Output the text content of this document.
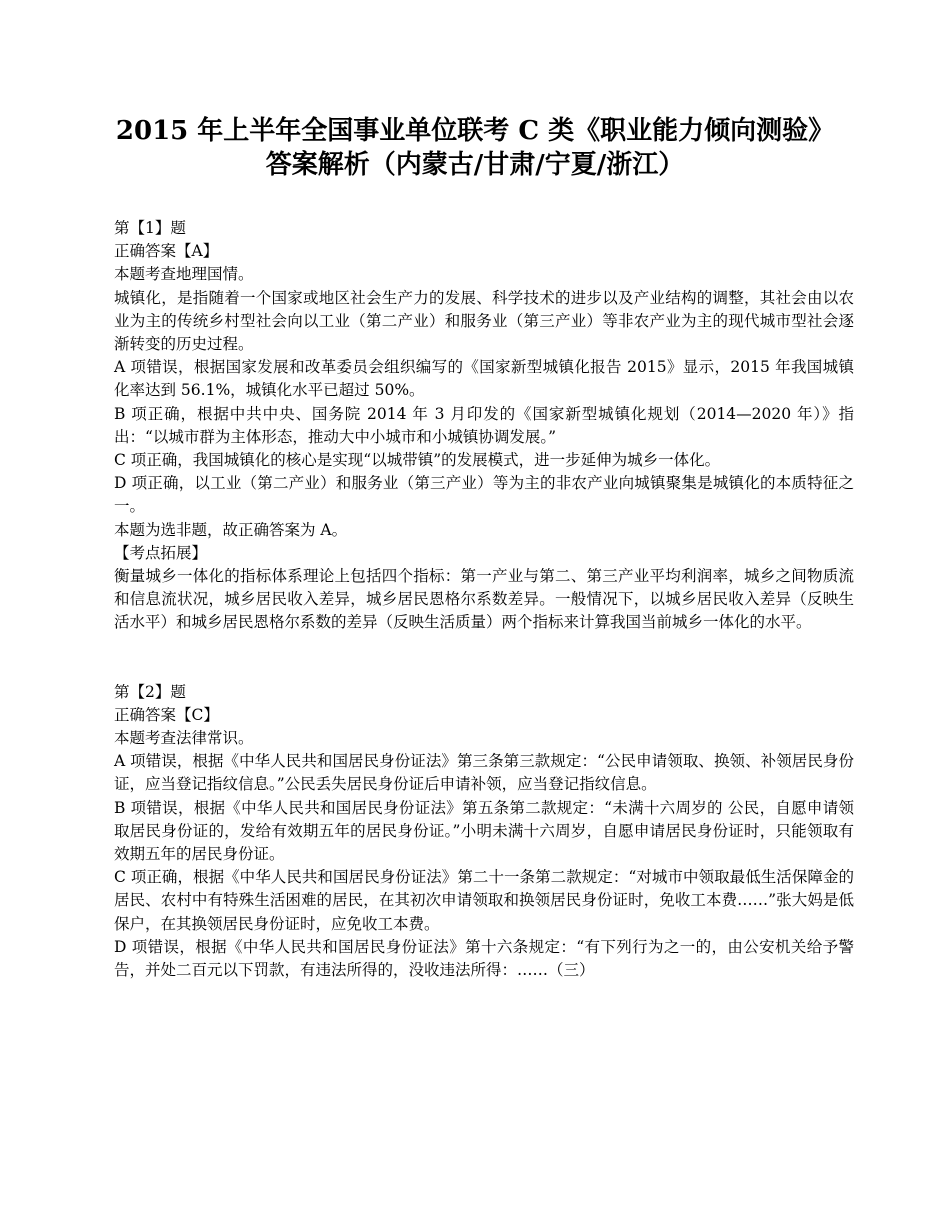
2015 年上半年全国事业单位联考 C 类《职业能力倾向测验》
答案解析（内蒙古/甘肃/宁夏/浙江）

第【1】题

正确答案【A】

本题考查地理国情。

城镇化，是指随着一个国家或地区社会生产力的发展、科学技术的进步以及产业结构的调整，其社会由以农业为主的传统乡村型社会向以工业（第二产业）和服务业（第三产业）等非农产业为主的现代城市型社会逐渐转变的历史过程。

A 项错误，根据国家发展和改革委员会组织编写的《国家新型城镇化报告 2015》显示，2015 年我国城镇化率达到 56.1%，城镇化水平已超过 50%。

B 项正确，根据中共中央、国务院 2014 年 3 月印发的《国家新型城镇化规划（2014—2020 年）》指出：“以城市群为主体形态，推动大中小城市和小城镇协调发展。”

C 项正确，我国城镇化的核心是实现“以城带镇”的发展模式，进一步延伸为城乡一体化。

D 项正确，以工业（第二产业）和服务业（第三产业）等为主的非农产业向城镇聚集是城镇化的本质特征之一。

本题为选非题，故正确答案为 A。

【考点拓展】

衡量城乡一体化的指标体系理论上包括四个指标：第一产业与第二、第三产业平均利润率，城乡之间物质流和信息流状况，城乡居民收入差异，城乡居民恩格尔系数差异。一般情况下，以城乡居民收入差异（反映生活水平）和城乡居民恩格尔系数的差异（反映生活质量）两个指标来计算我国当前城乡一体化的水平。

第【2】题

正确答案【C】

本题考查法律常识。

A 项错误，根据《中华人民共和国居民身份证法》第三条第三款规定：“公民申请领取、换领、补领居民身份证，应当登记指纹信息。”公民丢失居民身份证后申请补领，应当登记指纹信息。

B 项错误，根据《中华人民共和国居民身份证法》第五条第二款规定：“未满十六周岁的 公民，自愿申请领取居民身份证的，发给有效期五年的居民身份证。”小明未满十六周岁，自愿申请居民身份证时，只能领取有效期五年的居民身份证。

C 项正确，根据《中华人民共和国居民身份证法》第二十一条第二款规定：“对城市中领取最低生活保障金的居民、农村中有特殊生活困难的居民，在其初次申请领取和换领居民身份证时，免收工本费……”张大妈是低保户，在其换领居民身份证时，应免收工本费。

D 项错误，根据《中华人民共和国居民身份证法》第十六条规定：“有下列行为之一的，由公安机关给予警告，并处二百元以下罚款，有违法所得的，没收违法所得：……（三）
